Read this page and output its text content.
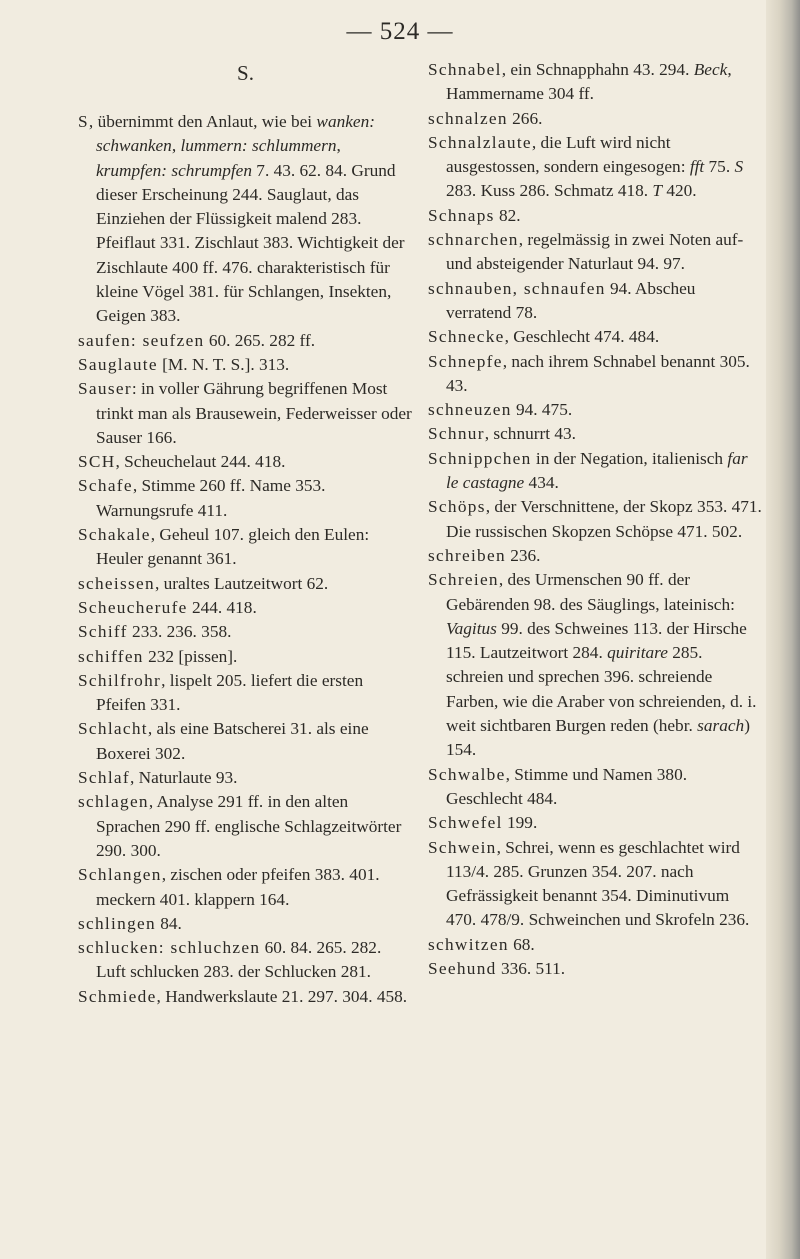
— 524 —
S.

S, übernimmt den Anlaut, wie bei wanken: schwanken, lummern: schlummern, krumpfen: schrumpfen 7. 43. 62. 84. Grund dieser Erscheinung 244. Sauglaut, das Einziehen der Flüssigkeit malend 283. Pfeiflaut 331. Zischlaut 383. Wichtigkeit der Zischlaute 400 ff. 476. charakteristisch für kleine Vögel 381. für Schlangen, Insekten, Geigen 383.

saufen: seufzen 60. 265. 282 ff.

Sauglaute [M. N. T. S.]. 313.

Sauser: in voller Gährung begriffenen Most trinkt man als Brausewein, Federweisser oder Sauser 166.

SCH, Scheuchelaut 244. 418.

Schafe, Stimme 260 ff. Name 353. Warnungsrufe 411.

Schakale, Geheul 107. gleich den Eulen: Heuler genannt 361.

scheissen, uraltes Lautzeitwort 62.

Scheucherufe 244. 418.

Schiff 233. 236. 358.

schiffen 232 [pissen].

Schilfrohr, lispelt 205. liefert die ersten Pfeifen 331.

Schlacht, als eine Batscherei 31. als eine Boxerei 302.

Schlaf, Naturlaute 93.

schlagen, Analyse 291 ff. in den alten Sprachen 290 ff. englische Schlagzeitwörter 290. 300.

Schlangen, zischen oder pfeifen 383. 401. meckern 401. klappern 164.

schlingen 84.

schlucken: schluchzen 60. 84. 265. 282. Luft schlucken 283. der Schlucken 281.

Schmiede, Handwerkslaute 21. 297. 304. 458.

Schnabel, ein Schnapphahn 43. 294. Beck, Hammername 304 ff.

schnalzen 266.

Schnalzlaute, die Luft wird nicht ausgestossen, sondern eingesogen: fft 75. S 283. Kuss 286. Schmatz 418. T 420.

Schnaps 82.

schnarchen, regelmässig in zwei Noten auf- und absteigender Naturlaut 94. 97.

schnauben, schnaufen 94. Abscheu verratend 78.

Schnecke, Geschlecht 474. 484.

Schnepfe, nach ihrem Schnabel benannt 305. 43.

schneuzen 94. 475.

Schnur, schnurrt 43.

Schnippchen in der Negation, italienisch far le castagne 434.

Schöps, der Verschnittene, der Skopz 353. 471. Die russischen Skopzen Schöpse 471. 502.

schreiben 236.

Schreien, des Urmenschen 90 ff. der Gebärenden 98. des Säuglings, lateinisch: Vagitus 99. des Schweines 113. der Hirsche 115. Lautzeitwort 284. quiritare 285. schreien und sprechen 396. schreiende Farben, wie die Araber von schreienden, d. i. weit sichtbaren Burgen reden (hebr. sarach) 154.

Schwalbe, Stimme und Namen 380. Geschlecht 484.

Schwefel 199.

Schwein, Schrei, wenn es geschlachtet wird 113/4. 285. Grunzen 354. 207. nach Gefrässigkeit benannt 354. Diminutivum 470. 478/9. Schweinchen und Skrofeln 236.

schwitzen 68.

Seehund 336. 511.
